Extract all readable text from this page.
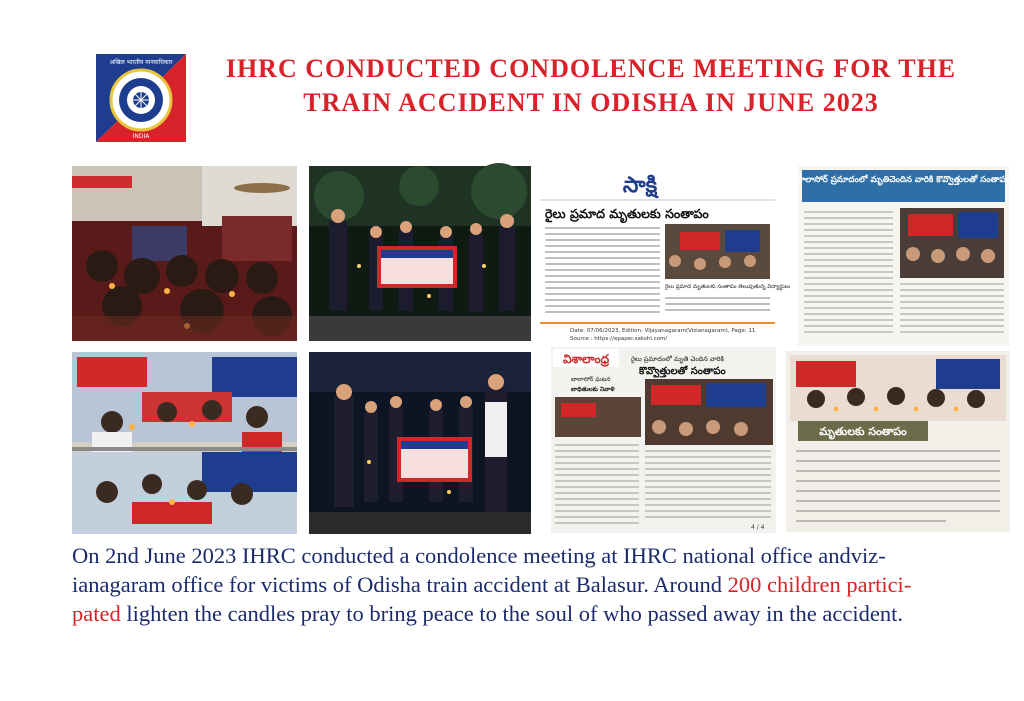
अखिल भारतीय मानवाधिकार
INDIA
IHRC CONDUCTED CONDOLENCE MEETING FOR THE
TRAIN ACCIDENT IN ODISHA IN JUNE 2023
సాక్షి
రైలు ప్రమాద మృతులకు సంతాపం
రైలు ప్రమాద మృతులకు సంతాపం తెలుపుతున్న విద్యార్థులు
Date: 07/06/2023, Edition: Vijayanagaram(Vizianagaram), Page: 11
Source : https://epaper.sakshi.com/
బాలాసోర్ ప్రమాదంలో మృతిచెందిన వారికి కొవ్వొత్తులతో సంతాపం
విశాలాంధ్ర	రైలు ప్రమాదంలో మృతి చెందిన వారికి
కొవ్వొత్తులతో సంతాపం
బాలాసోర్ ఘటన
బాధితులకు నివాళి
4 / 4
మృతులకు సంతాపం
On 2nd June 2023 IHRC conducted a condolence meeting at IHRC national office andviz-
ianagaram office for victims of Odisha train accident at Balasur. Around 200 children partici-
pated lighten the candles pray to bring peace to the soul of who passed away in the accident.
